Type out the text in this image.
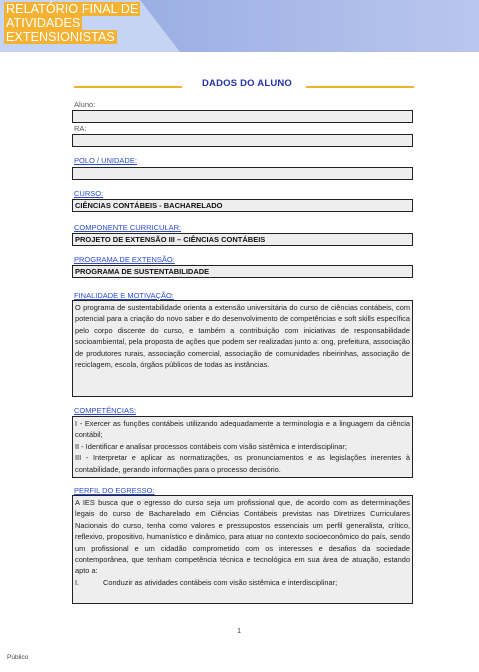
RELATÓRIO FINAL DE
ATIVIDADES
EXTENSIONISTAS
DADOS DO ALUNO
Aluno:
RA:
POLO / UNIDADE:
CURSO:
CIÊNCIAS CONTÁBEIS - BACHARELADO
COMPONENTE CURRICULAR:
PROJETO DE EXTENSÃO III – CIÊNCIAS CONTÁBEIS
PROGRAMA DE EXTENSÃO:
PROGRAMA DE SUSTENTABILIDADE
FINALIDADE E MOTIVAÇÃO:
O programa de sustentabilidade orienta a extensão universitária do curso de ciências contábeis, com potencial para a criação do novo saber e do desenvolvimento de competências e soft skills específica pelo corpo discente do curso, e também a contribuição com iniciativas de responsabilidade socioambiental, pela proposta de ações que podem ser realizadas junto a: ong, prefeitura, associação de produtores rurais, associação comercial, associação de comunidades ribeirinhas, associação de reciclagem, escola, órgãos públicos de todas as instâncias.
COMPETÊNCIAS:
I - Exercer as funções contábeis utilizando adequadamente a terminologia e a linguagem da ciência contábil;
II - Identificar e analisar processos contábeis com visão sistêmica e interdisciplinar;
III - Interpretar e aplicar as normatizações, os pronunciamentos e as legislações inerentes à contabilidade, gerando informações para o processo decisório.
PERFIL DO EGRESSO:
A IES busca que o egresso do curso seja um profissional que, de acordo com as determinações legais do curso de Bacharelado em Ciências Contábeis previstas nas Diretrizes Curriculares Nacionais do curso, tenha como valores e pressupostos essenciais um perfil generalista, crítico, reflexivo, propositivo, humanístico e dinâmico, para atuar no contexto socioeconômico do país, sendo um profissional e um cidadão comprometido com os interesses e desafios da sociedade contemporânea, que tenham competência técnica e tecnológica em sua área de atuação, estando apto a:
I.	Conduzir as atividades contábeis com visão sistêmica e interdisciplinar;
1
Público
